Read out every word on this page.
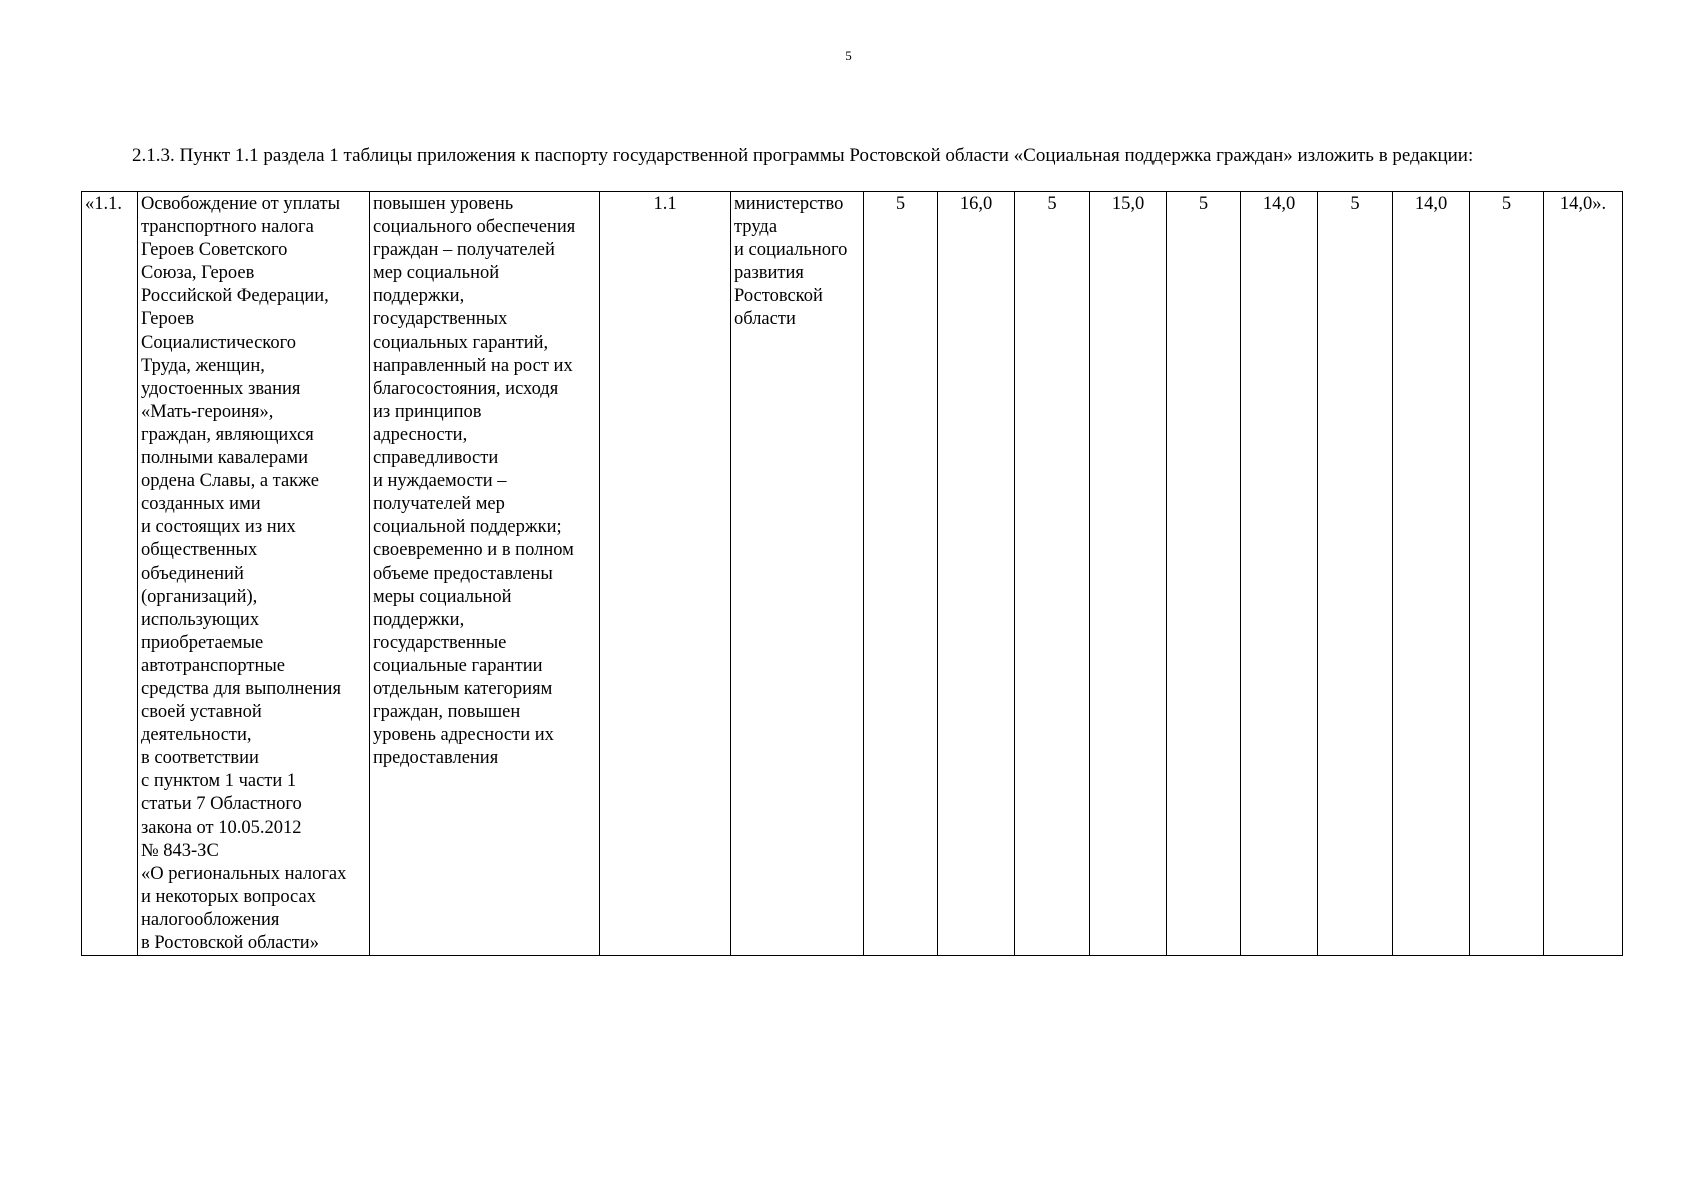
5
2.1.3. Пункт 1.1 раздела 1 таблицы приложения к паспорту государственной программы Ростовской области «Социальная поддержка граждан» изложить в редакции:
«1.1.	Освобождение от уплаты
транспортного налога
Героев Советского
Союза, Героев
Российской Федерации,
Героев
Социалистического
Труда, женщин,
удостоенных звания
«Мать-героиня»,
граждан, являющихся
полными кавалерами
ордена Славы, а также
созданных ими
и состоящих из них
общественных
объединений
(организаций),
использующих
приобретаемые
автотранспортные
средства для выполнения
своей уставной
деятельности,
в соответствии
с пунктом 1 части 1
статьи 7 Областного
закона от 10.05.2012
№ 843-ЗС
«О региональных налогах
и некоторых вопросах
налогообложения
в Ростовской области»	повышен уровень
социального обеспечения
граждан – получателей
мер социальной
поддержки,
государственных
социальных гарантий,
направленный на рост их
благосостояния, исходя
из принципов
адресности,
справедливости
и нуждаемости –
получателей мер
социальной поддержки;
своевременно и в полном
объеме предоставлены
меры социальной
поддержки,
государственные
социальные гарантии
отдельным категориям
граждан, повышен
уровень адресности их
предоставления	1.1	министерство
труда
и социального
развития
Ростовской
области	5	16,0	5	15,0	5	14,0	5	14,0	5	14,0».
